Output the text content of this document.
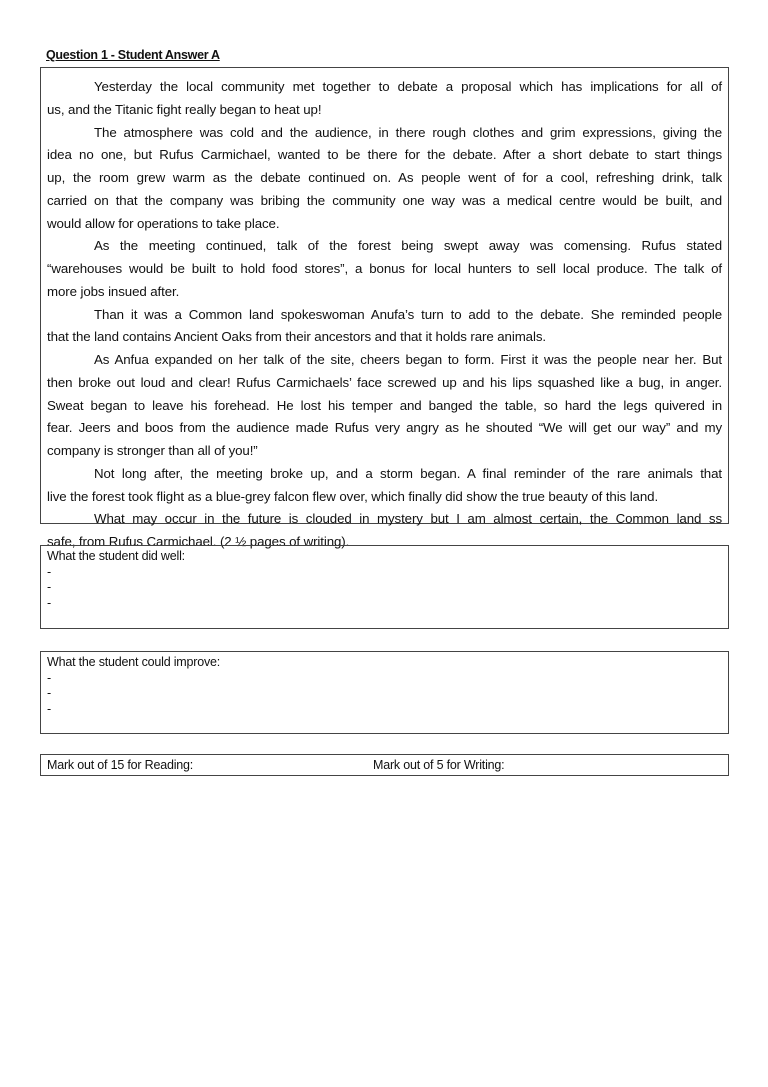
Question 1 - Student Answer A
Yesterday the local community met together to debate a proposal which has implications for all of
us, and the Titanic fight really began to heat up!
The atmosphere was cold and the audience, in there rough clothes and grim expressions, giving the
idea no one, but Rufus Carmichael, wanted to be there for the debate. After a short debate to start things
up, the room grew warm as the debate continued on. As people went of for a cool, refreshing drink, talk
carried on that the company was bribing the community one way was a medical centre would be built, and
would allow for operations to take place.
As the meeting continued, talk of the forest being swept away was comensing. Rufus stated
“warehouses would be built to hold food stores”, a bonus for local hunters to sell local produce. The talk of
more jobs insued after.
Than it was a Common land spokeswoman Anufa’s turn to add to the debate. She reminded people
that the land contains Ancient Oaks from their ancestors and that it holds rare animals.
As Anfua expanded on her talk of the site, cheers began to form. First it was the people near her. But
then broke out loud and clear! Rufus Carmichaels’ face screwed up and his lips squashed like a bug, in anger.
Sweat began to leave his forehead. He lost his temper and banged the table, so hard the legs quivered in
fear. Jeers and boos from the audience made Rufus very angry as he shouted “We will get our way” and my
company is stronger than all of you!”
Not long after, the meeting broke up, and a storm began. A final reminder of the rare animals that
live the forest took flight as a blue-grey falcon flew over, which finally did show the true beauty of this land.
What may occur in the future is clouded in mystery but I am almost certain, the Common land ss
safe, from Rufus Carmichael. (2 ½ pages of writing).
What the student did well:
-
-
-
What the student could improve:
-
-
-
Mark out of 15 for Reading:	Mark out of 5 for Writing:
